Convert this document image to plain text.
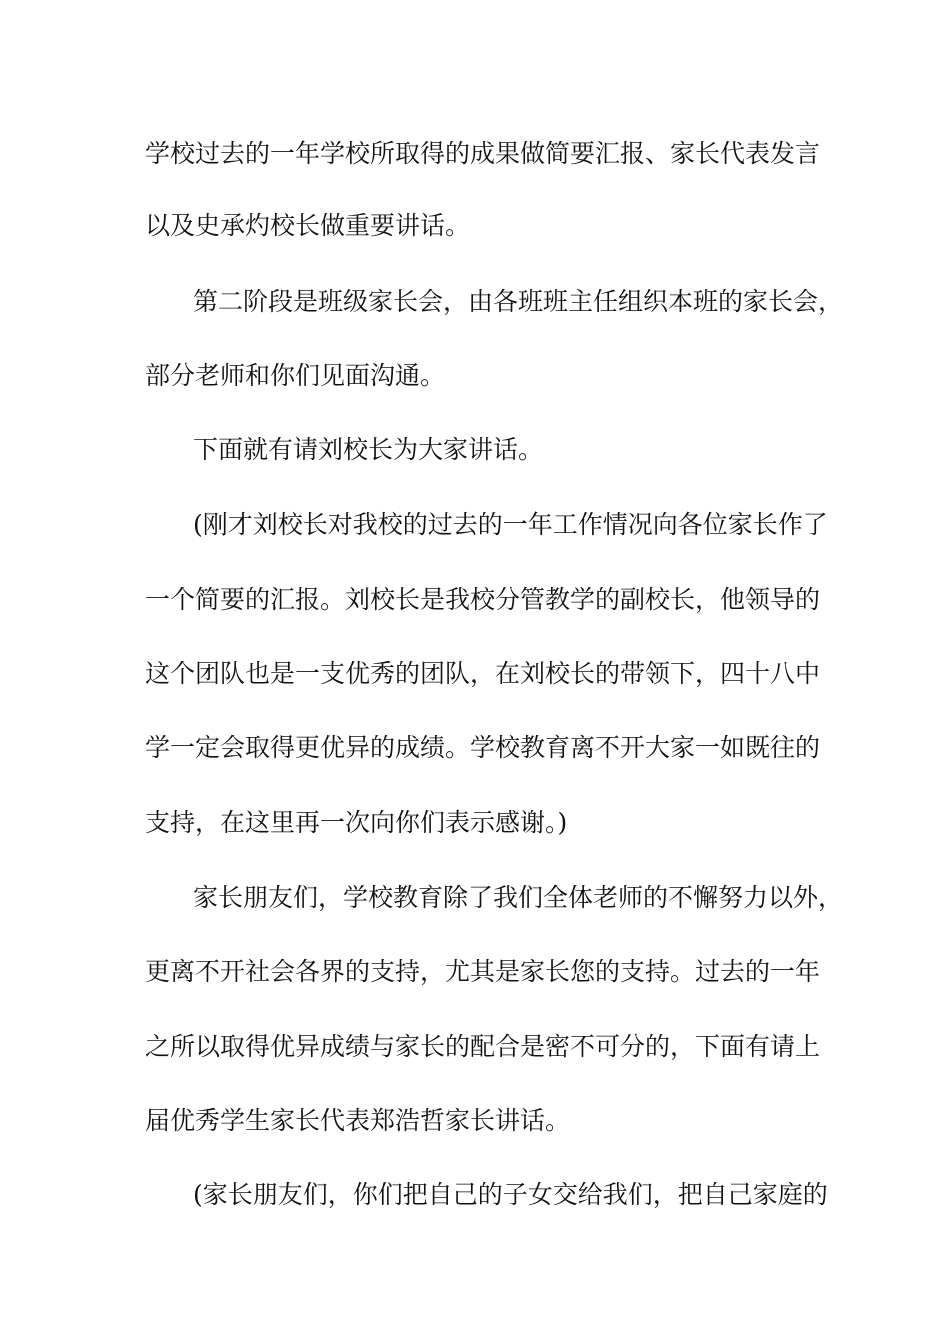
学校过去的一年学校所取得的成果做简要汇报、家长代表发言

以及史承灼校长做重要讲话。

第二阶段是班级家长会，由各班班主任组织本班的家长会，

部分老师和你们见面沟通。

下面就有请刘校长为大家讲话。

(刚才刘校长对我校的过去的一年工作情况向各位家长作了

一个简要的汇报。刘校长是我校分管教学的副校长，他领导的

这个团队也是一支优秀的团队，在刘校长的带领下，四十八中

学一定会取得更优异的成绩。学校教育离不开大家一如既往的

支持，在这里再一次向你们表示感谢。)

家长朋友们，学校教育除了我们全体老师的不懈努力以外，

更离不开社会各界的支持，尤其是家长您的支持。过去的一年

之所以取得优异成绩与家长的配合是密不可分的，下面有请上

届优秀学生家长代表郑浩哲家长讲话。

(家长朋友们，你们把自己的子女交给我们，把自己家庭的
